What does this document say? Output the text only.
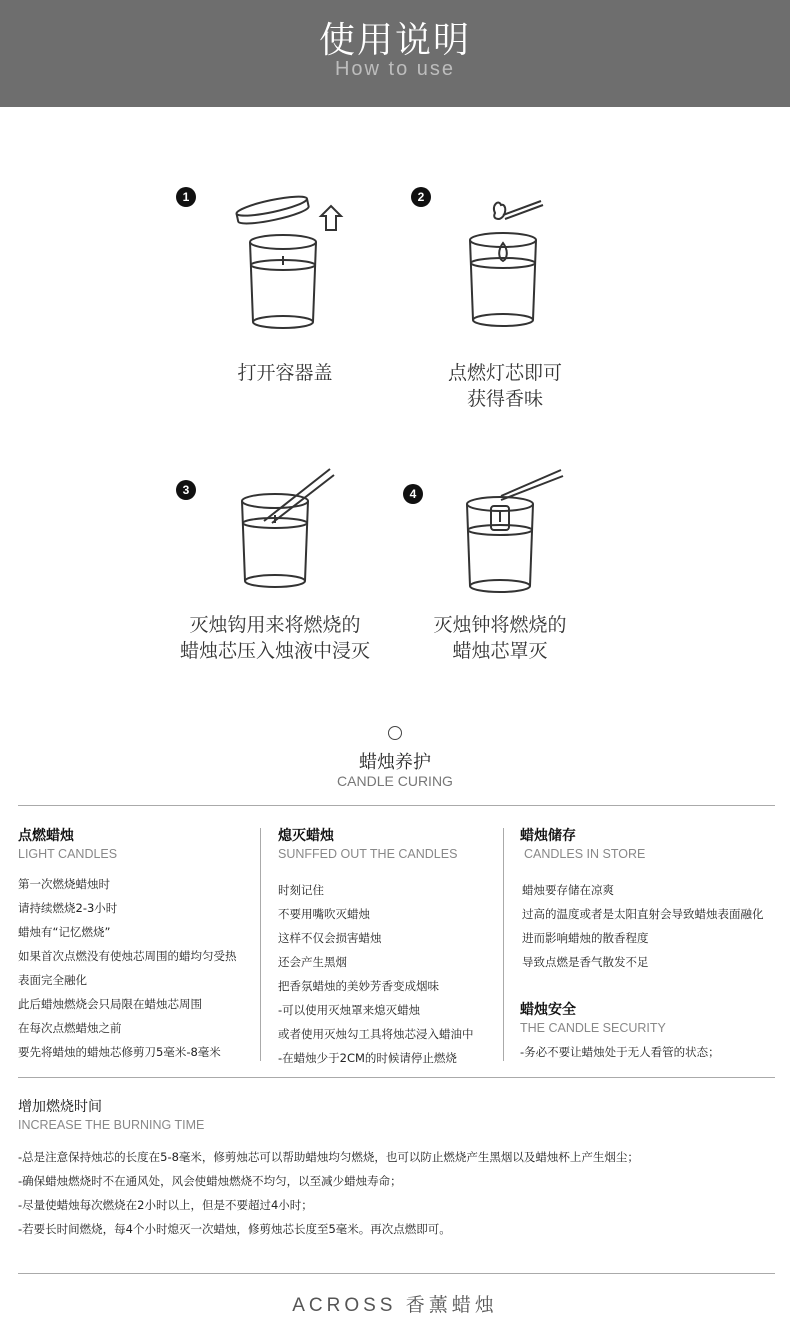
使用说明
How to use
1
打开容器盖
2
点燃灯芯即可
获得香味
3
灭烛钩用来将燃烧的
蜡烛芯压入烛液中浸灭
4
灭烛钟将燃烧的
蜡烛芯罩灭
蜡烛养护
CANDLE CURING

点燃蜡烛

LIGHT CANDLES

第一次燃烧蜡烛时
请持续燃烧2-3小时
蜡烛有“记忆燃烧”
如果首次点燃没有使烛芯周围的蜡均匀受热
表面完全融化
此后蜡烛燃烧会只局限在蜡烛芯周围
在每次点燃蜡烛之前
要先将蜡烛的蜡烛芯修剪刀5毫米-8毫米

熄灭蜡烛

SUNFFED OUT THE CANDLES

时刻记住
不要用嘴吹灭蜡烛
这样不仅会损害蜡烛
还会产生黑烟
把香氛蜡烛的美妙芳香变成烟味
-可以使用灭烛罩来熄灭蜡烛
或者使用灭烛勾工具将烛芯浸入蜡油中
-在蜡烛少于2CM的时候请停止燃烧

蜡烛储存

CANDLES IN STORE

蜡烛要存储在凉爽
过高的温度或者是太阳直射会导致蜡烛表面融化
进而影响蜡烛的散香程度
导致点燃是香气散发不足

蜡烛安全

THE CANDLE SECURITY

-务必不要让蜡烛处于无人看管的状态；

增加燃烧时间

INCREASE THE BURNING TIME

-总是注意保持烛芯的长度在5-8毫米，修剪烛芯可以帮助蜡烛均匀燃烧，也可以防止燃烧产生黑烟以及蜡烛杯上产生烟尘；
-确保蜡烛燃烧时不在通风处，风会使蜡烛燃烧不均匀，以至减少蜡烛寿命；
-尽量使蜡烛每次燃烧在2小时以上，但是不要超过4小时；
-若要长时间燃烧，每4个小时熄灭一次蜡烛，修剪烛芯长度至5毫米。再次点燃即可。
ACROSS 香薰蜡烛
